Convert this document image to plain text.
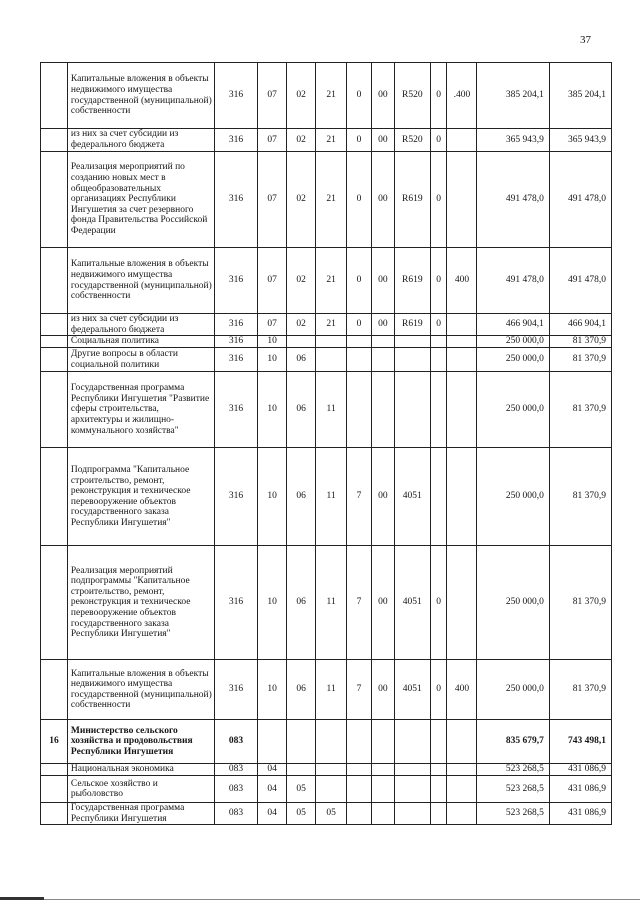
37
	Капитальные вложения в объекты недвижимого имущества государственной (муниципальной) собственности	316	07	02	21	0	00	R520	0	.400	385 204,1	385 204,1
	из них за счет субсидии из федерального бюджета	316	07	02	21	0	00	R520	0		365 943,9	365 943,9
	Реализация мероприятий по созданию новых мест в общеобразовательных организациях Республики Ингушетия за счет резервного фонда Правительства Российской Федерации	316	07	02	21	0	00	R619	0		491 478,0	491 478,0
	Капитальные вложения в объекты недвижимого имущества государственной (муниципальной) собственности	316	07	02	21	0	00	R619	0	400	491 478,0	491 478,0
	из них за счет субсидии из федерального бюджета	316	07	02	21	0	00	R619	0		466 904,1	466 904,1
	Социальная политика	316	10								250 000,0	81 370,9
	Другие вопросы в области социальной политики	316	10	06							250 000,0	81 370,9
	Государственная программа Республики Ингушетия "Развитие сферы строительства, архитектуры и жилищно-коммунального хозяйства"	316	10	06	11						250 000,0	81 370,9
	Подпрограмма "Капитальное строительство, ремонт, реконструкция и техническое перевооружение объектов государственного заказа Республики Ингушетия"	316	10	06	11	7	00	4051			250 000,0	81 370,9
	Реализация мероприятий подпрограммы "Капитальное строительство, ремонт, реконструкция и техническое перевооружение объектов государственного заказа Республики Ингушетия"	316	10	06	11	7	00	4051	0		250 000,0	81 370,9
	Капитальные вложения в объекты недвижимого имущества государственной (муниципальной) собственности	316	10	06	11	7	00	4051	0	400	250 000,0	81 370,9
16	Министерство сельского хозяйства и продовольствия Республики Ингушетия	083									835 679,7	743 498,1
	Национальная экономика	083	04								523 268,5	431 086,9
	Сельское хозяйство и рыболовство	083	04	05							523 268,5	431 086,9
	Государственная программа Республики Ингушетия	083	04	05	05						523 268,5	431 086,9
